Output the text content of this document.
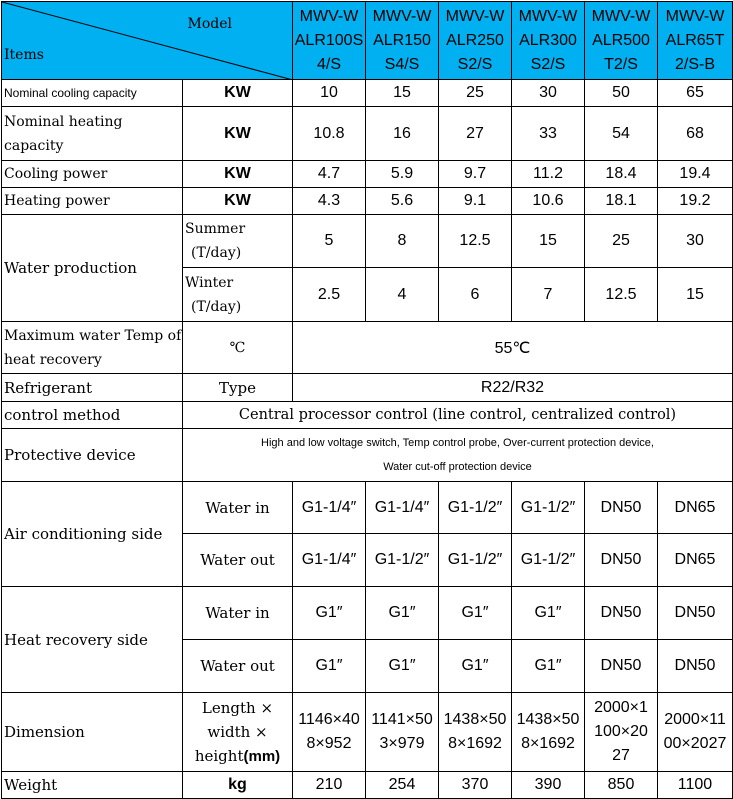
Model
Items		MWV-W
ALR100S
4/S	MWV-W
ALR150
S4/S	MWV-W
ALR250
S2/S	MWV-W
ALR300
S2/S	MWV-W
ALR500
T2/S	MWV-W
ALR65T
2/S-B

Nominal cooling capacity	KW	10	15	25	30	50	65

Nominal heating
capacity	KW	10.8	16	27	33	54	68
Cooling power	KW	4.7	5.9	9.7	11.2	18.4	19.4
Heating power	KW	4.3	5.6	9.1	10.6	18.1	19.2
Water production	Summer
(T/day)	5	8	12.5	15	25	30

	Winter
(T/day)	2.5	4	6	7	12.5	15

Maximum water Temp of
heat recovery	℃	55℃					
Refrigerant	Type	R22/R32					
control method	Central processor control (line control, centralized control)						
Protective device	High and low voltage switch, Temp control probe, Over-current protection device,
Water cut-off protection device						

Air conditioning side	Water in	G1-1/4″	G1-1/4″	G1-1/2″	G1-1/2″	DN50	DN65
	Water out	G1-1/4″	G1-1/2″	G1-1/2″	G1-1/2″	DN50	DN65
Heat recovery side	Water in	G1″	G1″	G1″	G1″	DN50	DN50
	Water out	G1″	G1″	G1″	G1″	DN50	DN50
Dimension	Length ×
width ×
height(mm)	1146×40
8×952	1141×50
3×979	1438×50
8×1692	1438×50
8×1692	2000×1
100×20
27	2000×11
00×2027

Weight	kg	210	254	370	390	850	1100
